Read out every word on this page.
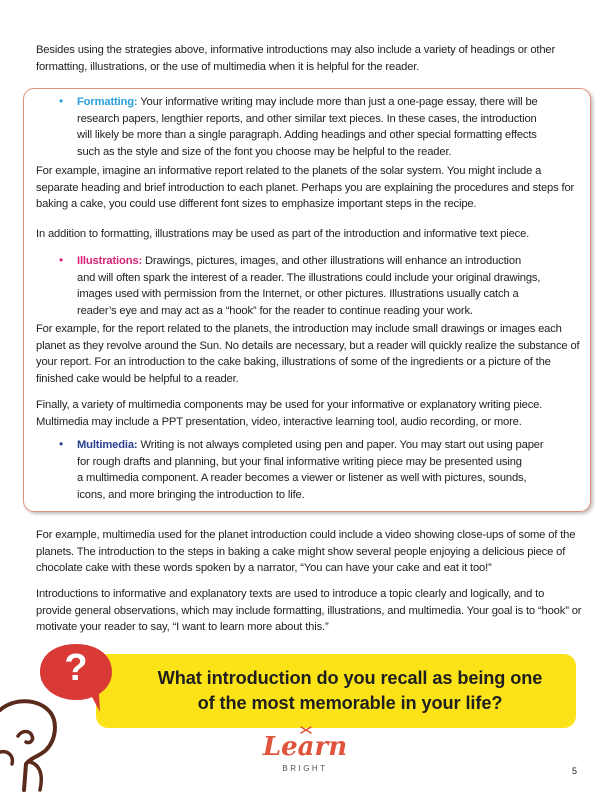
Besides using the strategies above, informative introductions may also include a variety of headings or other formatting, illustrations, or the use of multimedia when it is helpful for the reader.

•	Formatting: Your informative writing may include more than just a one-page essay, there will be
research papers, lengthier reports, and other similar text pieces. In these cases, the introduction
will likely be more than a single paragraph. Adding headings and other special formatting effects
such as the style and size of the font you choose may be helpful to the reader.

For example, imagine an informative report related to the planets of the solar system. You might include a separate heading and brief introduction to each planet. Perhaps you are explaining the procedures and steps for baking a cake, you could use different font sizes to emphasize important steps in the recipe.

In addition to formatting, illustrations may be used as part of the introduction and informative text piece.

•	Illustrations: Drawings, pictures, images, and other illustrations will enhance an introduction
and will often spark the interest of a reader. The illustrations could include your original drawings,
images used with permission from the Internet, or other pictures. Illustrations usually catch a
reader’s eye and may act as a “hook” for the reader to continue reading your work.

For example, for the report related to the planets, the introduction may include small drawings or images each planet as they revolve around the Sun. No details are necessary, but a reader will quickly realize the substance of your report. For an introduction to the cake baking, illustrations of some of the ingredients or a picture of the finished cake would be helpful to a reader.

Finally, a variety of multimedia components may be used for your informative or explanatory writing piece. Multimedia may include a PPT presentation, video, interactive learning tool, audio recording, or more.

•	Multimedia: Writing is not always completed using pen and paper. You may start out using paper
for rough drafts and planning, but your final informative writing piece may be presented using
a multimedia component. A reader becomes a viewer or listener as well with pictures, sounds,
icons, and more bringing the introduction to life.

For example, multimedia used for the planet introduction could include a video showing close-ups of some of the planets. The introduction to the steps in baking a cake might show several people enjoying a delicious piece of chocolate cake with these words spoken by a narrator, “You can have your cake and eat it too!”

Introductions to informative and explanatory texts are used to introduce a topic clearly and logically, and to provide general observations, which may include formatting, illustrations, and multimedia. Your goal is to “hook” or motivate your reader to say, “I want to learn more about this.”

?	What introduction do you recall as being one
of the most memorable in your life?

Learn

BRIGHT	5
